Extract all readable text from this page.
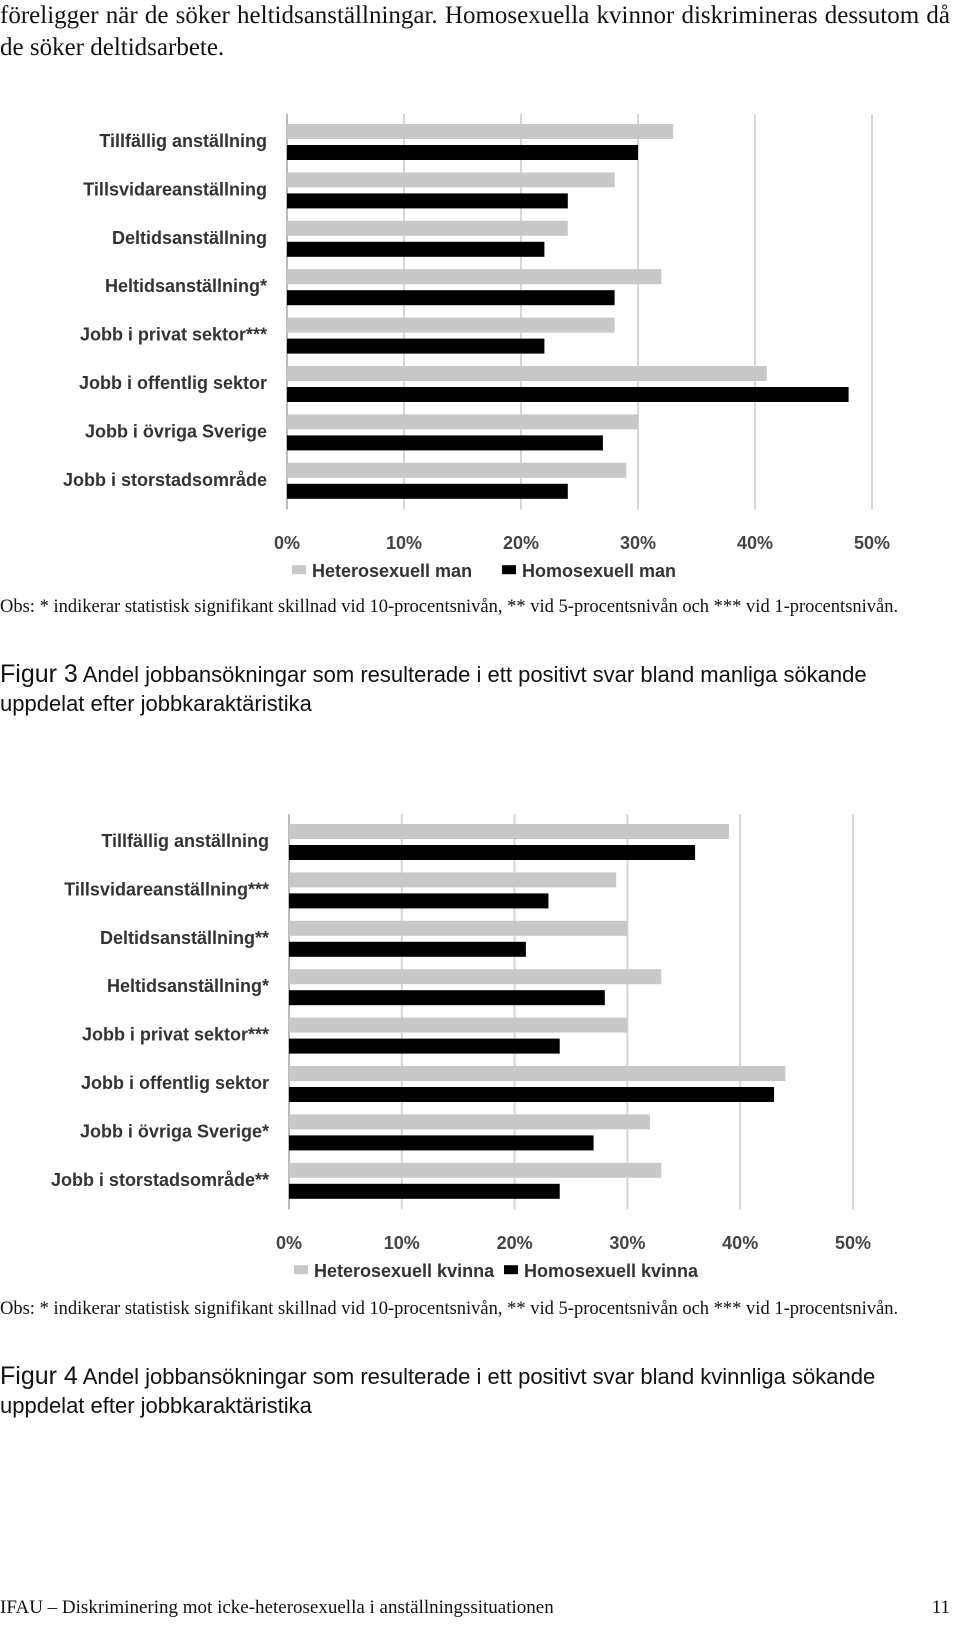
föreligger när de söker heltidsanställningar. Homosexuella kvinnor diskrimineras dessutom då de söker deltidsarbete.
Tillfällig anställning
Tillsvidareanställning
Deltidsanställning
Heltidsanställning*
Jobb i privat sektor***
Jobb i offentlig sektor
Jobb i övriga Sverige
Jobb i storstadsområde
0%	10%	20%	30%	40%	50%
Heterosexuell man	Homosexuell man
Obs: * indikerar statistisk signifikant skillnad vid 10-procentsnivån, ** vid 5-procentsnivån och *** vid 1-procentsnivån.
Figur 3 Andel jobbansökningar som resulterade i ett positivt svar bland manliga sökande uppdelat efter jobbkaraktäristika
Tillfällig anställning
Tillsvidareanställning***
Deltidsanställning**
Heltidsanställning*
Jobb i privat sektor***
Jobb i offentlig sektor
Jobb i övriga Sverige*
Jobb i storstadsområde**
0%	10%	20%	30%	40%	50%
Heterosexuell kvinna Homosexuell kvinna
Obs: * indikerar statistisk signifikant skillnad vid 10-procentsnivån, ** vid 5-procentsnivån och *** vid 1-procentsnivån.
Figur 4 Andel jobbansökningar som resulterade i ett positivt svar bland kvinnliga sökande uppdelat efter jobbkaraktäristika
IFAU – Diskriminering mot icke-heterosexuella i anställningssituationen	11
